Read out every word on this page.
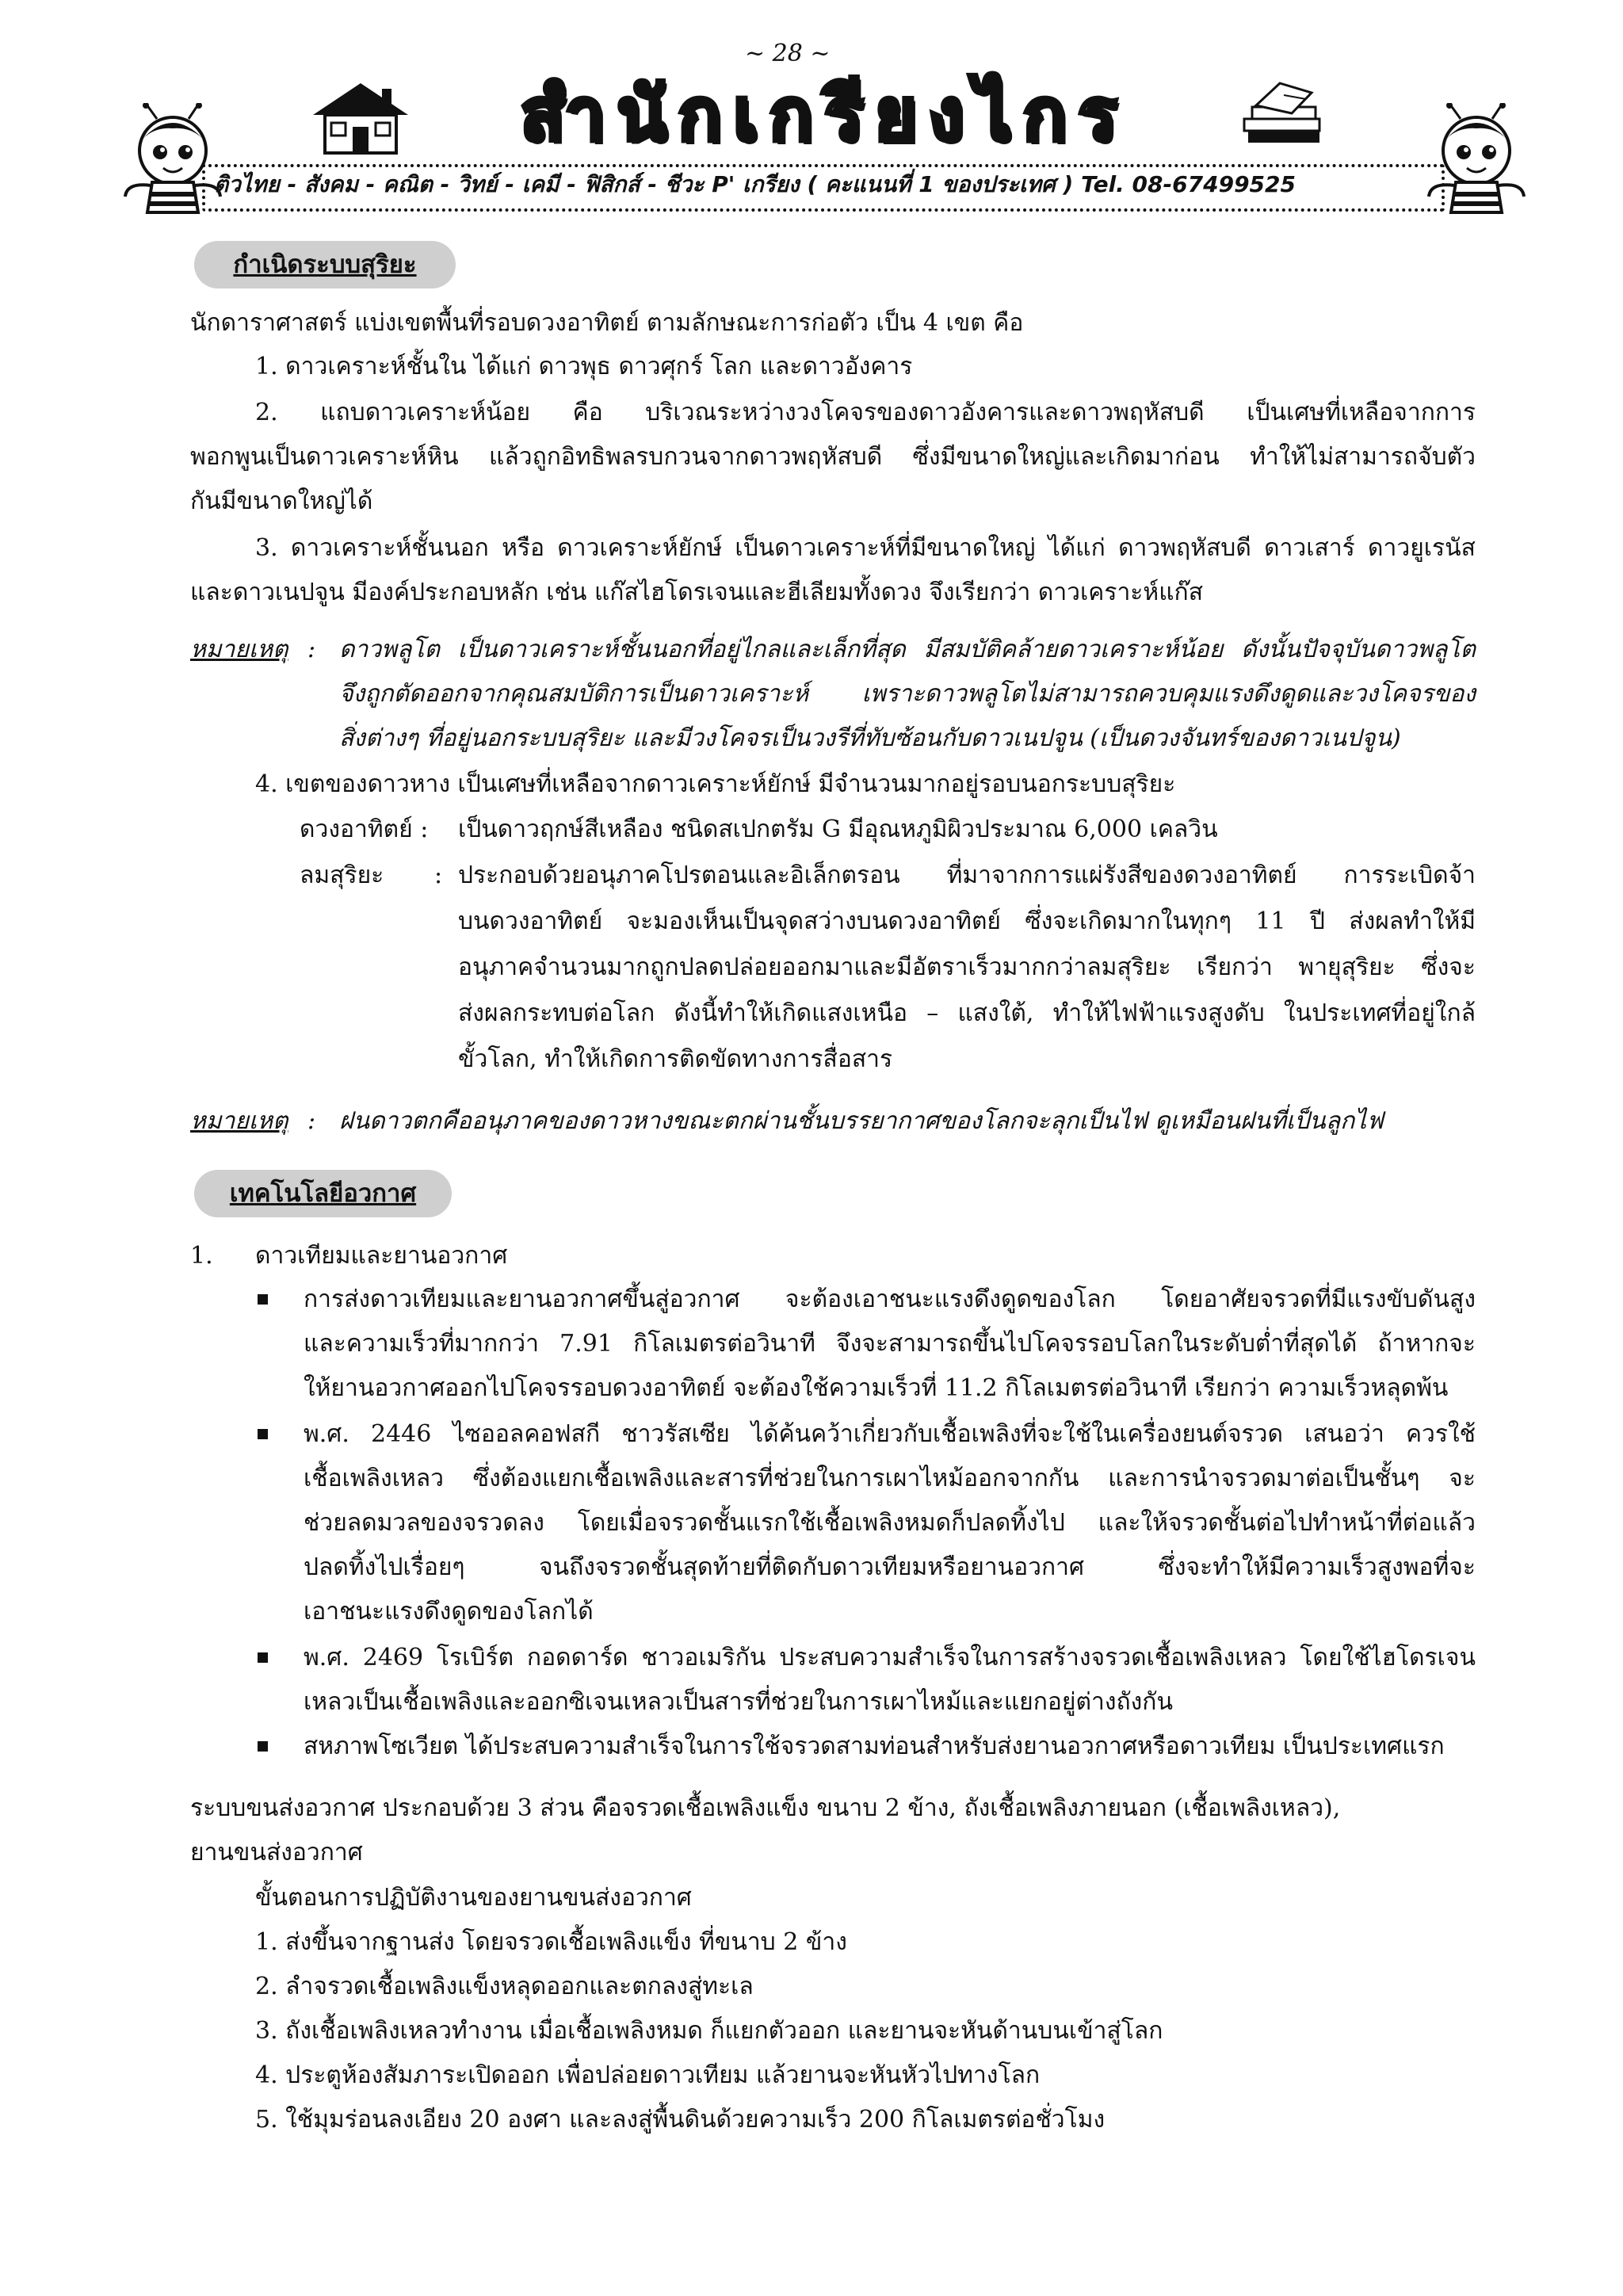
~ 28 ~
สำนักเกรียงไกร
ติวไทย - สังคม - คณิต - วิทย์ - เคมี - ฟิสิกส์ - ชีวะ P' เกรียง ( คะแนนที่ 1 ของประเทศ ) Tel. 08-67499525
กำเนิดระบบสุริยะ
นักดาราศาสตร์ แบ่งเขตพื้นที่รอบดวงอาทิตย์ ตามลักษณะการก่อตัว เป็น 4 เขต คือ
1. ดาวเคราะห์ชั้นใน ได้แก่ ดาวพุธ ดาวศุกร์ โลก และดาวอังคาร
2. แถบดาวเคราะห์น้อย คือ บริเวณระหว่างวงโคจรของดาวอังคารและดาวพฤหัสบดี เป็นเศษที่เหลือจากการ
พอกพูนเป็นดาวเคราะห์หิน แล้วถูกอิทธิพลรบกวนจากดาวพฤหัสบดี ซึ่งมีขนาดใหญ่และเกิดมาก่อน ทำให้ไม่สามารถจับตัว
กันมีขนาดใหญ่ได้
3. ดาวเคราะห์ชั้นนอก หรือ ดาวเคราะห์ยักษ์ เป็นดาวเคราะห์ที่มีขนาดใหญ่ ได้แก่ ดาวพฤหัสบดี ดาวเสาร์ ดาวยูเรนัส
และดาวเนปจูน มีองค์ประกอบหลัก เช่น แก๊สไฮโดรเจนและฮีเลียมทั้งดวง จึงเรียกว่า ดาวเคราะห์แก๊ส
หมายเหตุ : ดาวพลูโต เป็นดาวเคราะห์ชั้นนอกที่อยู่ไกลและเล็กที่สุด มีสมบัติคล้ายดาวเคราะห์น้อย ดังนั้นปัจจุบันดาวพลูโต
จึงถูกตัดออกจากคุณสมบัติการเป็นดาวเคราะห์ เพราะดาวพลูโตไม่สามารถควบคุมแรงดึงดูดและวงโคจรของ
สิ่งต่างๆ ที่อยู่นอกระบบสุริยะ และมีวงโคจรเป็นวงรีที่ทับซ้อนกับดาวเนปจูน (เป็นดวงจันทร์ของดาวเนปจูน)
4. เขตของดาวหาง เป็นเศษที่เหลือจากดาวเคราะห์ยักษ์ มีจำนวนมากอยู่รอบนอกระบบสุริยะ
ดวงอาทิตย์ : เป็นดาวฤกษ์สีเหลือง ชนิดสเปกตรัม G มีอุณหภูมิผิวประมาณ 6,000 เคลวิน
ลมสุริยะ : ประกอบด้วยอนุภาคโปรตอนและอิเล็กตรอน ที่มาจากการแผ่รังสีของดวงอาทิตย์ การระเบิดจ้า
บนดวงอาทิตย์ จะมองเห็นเป็นจุดสว่างบนดวงอาทิตย์ ซึ่งจะเกิดมากในทุกๆ 11 ปี ส่งผลทำให้มี
อนุภาคจำนวนมากถูกปลดปล่อยออกมาและมีอัตราเร็วมากกว่าลมสุริยะ เรียกว่า พายุสุริยะ ซึ่งจะ
ส่งผลกระทบต่อโลก ดังนี้ทำให้เกิดแสงเหนือ – แสงใต้, ทำให้ไฟฟ้าแรงสูงดับ ในประเทศที่อยู่ใกล้
ขั้วโลก, ทำให้เกิดการติดขัดทางการสื่อสาร
หมายเหตุ : ฝนดาวตกคืออนุภาคของดาวหางขณะตกผ่านชั้นบรรยากาศของโลกจะลุกเป็นไฟ ดูเหมือนฝนที่เป็นลูกไฟ
เทคโนโลยีอวกาศ
1. ดาวเทียมและยานอวกาศ
การส่งดาวเทียมและยานอวกาศขึ้นสู่อวกาศ จะต้องเอาชนะแรงดึงดูดของโลก โดยอาศัยจรวดที่มีแรงขับดันสูง
และความเร็วที่มากกว่า 7.91 กิโลเมตรต่อวินาที จึงจะสามารถขึ้นไปโคจรรอบโลกในระดับต่ำที่สุดได้ ถ้าหากจะ
ให้ยานอวกาศออกไปโคจรรอบดวงอาทิตย์ จะต้องใช้ความเร็วที่ 11.2 กิโลเมตรต่อวินาที เรียกว่า ความเร็วหลุดพ้น
พ.ศ. 2446 ไซออลคอฟสกี ชาวรัสเซีย ได้ค้นคว้าเกี่ยวกับเชื้อเพลิงที่จะใช้ในเครื่องยนต์จรวด เสนอว่า ควรใช้
เชื้อเพลิงเหลว ซึ่งต้องแยกเชื้อเพลิงและสารที่ช่วยในการเผาไหม้ออกจากกัน และการนำจรวดมาต่อเป็นชั้นๆ จะ
ช่วยลดมวลของจรวดลง โดยเมื่อจรวดชั้นแรกใช้เชื้อเพลิงหมดก็ปลดทิ้งไป และให้จรวดชั้นต่อไปทำหน้าที่ต่อแล้ว
ปลดทิ้งไปเรื่อยๆ จนถึงจรวดชั้นสุดท้ายที่ติดกับดาวเทียมหรือยานอวกาศ ซึ่งจะทำให้มีความเร็วสูงพอที่จะ
เอาชนะแรงดึงดูดของโลกได้
พ.ศ. 2469 โรเบิร์ต กอดดาร์ด ชาวอเมริกัน ประสบความสำเร็จในการสร้างจรวดเชื้อเพลิงเหลว โดยใช้ไฮโดรเจน
เหลวเป็นเชื้อเพลิงและออกซิเจนเหลวเป็นสารที่ช่วยในการเผาไหม้และแยกอยู่ต่างถังกัน
สหภาพโซเวียต ได้ประสบความสำเร็จในการใช้จรวดสามท่อนสำหรับส่งยานอวกาศหรือดาวเทียม เป็นประเทศแรก
ระบบขนส่งอวกาศ ประกอบด้วย 3 ส่วน คือจรวดเชื้อเพลิงแข็ง ขนาบ 2 ข้าง, ถังเชื้อเพลิงภายนอก (เชื้อเพลิงเหลว),
ยานขนส่งอวกาศ
ขั้นตอนการปฏิบัติงานของยานขนส่งอวกาศ
1. ส่งขึ้นจากฐานส่ง โดยจรวดเชื้อเพลิงแข็ง ที่ขนาบ 2 ข้าง
2. ลำจรวดเชื้อเพลิงแข็งหลุดออกและตกลงสู่ทะเล
3. ถังเชื้อเพลิงเหลวทำงาน เมื่อเชื้อเพลิงหมด ก็แยกตัวออก และยานจะหันด้านบนเข้าสู่โลก
4. ประตูห้องสัมภาระเปิดออก เพื่อปล่อยดาวเทียม แล้วยานจะหันหัวไปทางโลก
5. ใช้มุมร่อนลงเอียง 20 องศา และลงสู่พื้นดินด้วยความเร็ว 200 กิโลเมตรต่อชั่วโมง
